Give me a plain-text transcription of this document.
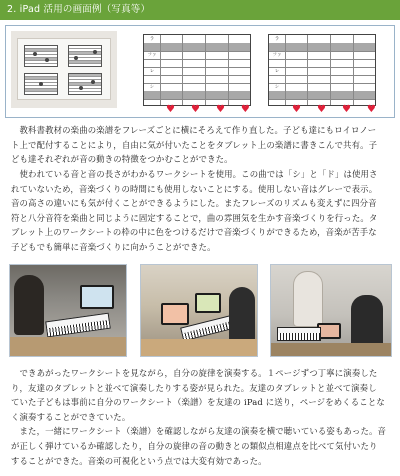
2. iPad 活用の画面例（写真等）
ラ
ファ
レ
シ
♥ ♥ ♥ ♥
ラ
ファ
レ
シ
♥ ♥ ♥ ♥
　教科書教材の楽曲の楽譜をフレーズごとに横にそろえて作り直した。子ども達にもロイロノー
ト上で配付することにより，自由に気が付いたことをタブレット上の楽譜に書きこんで共有。子
ども達それぞれが音の動きの特徴をつかむことができた。
　使われている音と音の長さがわかるワークシートを使用。この曲では「シ」と「ド」は使用さ
れていないため，音楽づくりの時間にも使用しないことにする。使用しない音はグレーで表示。
音の高さの違いにも気が付くことができるようにした。またフレーズのリズムも変えずに四分音
符と八分音符を楽曲と同じように固定することで，曲の雰囲気を生かす音楽づくりを行った。タ
ブレット上のワークシートの枠の中に色をつけるだけで音楽づくりができるため，音楽が苦手な
子どもでも簡単に音楽づくりに向かうことができた。
　できあがったワークシートを見ながら，自分の旋律を演奏する。１ページずつ丁寧に演奏した
り，友達のタブレットと並べて演奏したりする姿が見られた。友達のタブレットと並べて演奏し
ていた子どもは事前に自分のワークシート（楽譜）を友達の iPad に送り，ページをめくることな
く演奏することができていた。
　また，一緒にワークシート（楽譜）を確認しながら友達の演奏を横で聴いている姿もあった。音
が正しく弾けているか確認したり，自分の旋律の音の動きとの類似点相違点を比べて気付いたり
することができた。音楽の可視化という点では大変有効であった。
